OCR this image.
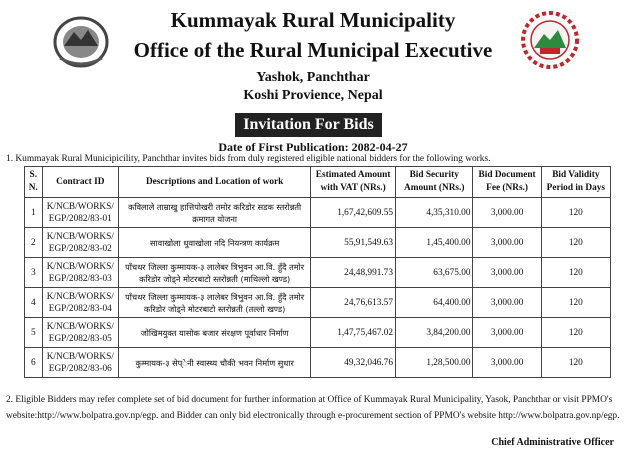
Kummayak Rural Municipality
Office of the Rural Municipal Executive
Yashok, Panchthar
Koshi Provience, Nepal
Invitation For Bids
Date of First Publication: 2082-04-27
1. Kummayak Rural Municipicility, Panchthar invites bids from duly registered eligible national bidders for the following works.
S. N.	Contract ID	Descriptions and Location of work	Estimated Amount with VAT (NRs.)	Bid Security Amount (NRs.)	Bid Document Fee (NRs.)	Bid Validity Period in Days
1	K/NCB/WORKS/ EGP/2082/83-01	कविलाले ताम्राखु हात्तिपोखरी तमोर करिडोर सडक स्तरोन्नती क्रमागत योजना	1,67,42,609.55	4,35,310.00	3,000.00	120
2	K/NCB/WORKS/ EGP/2082/83-02	सावाखोला धुवाखोला नदि नियन्त्रण कार्यक्रम	55,91,549.63	1,45,400.00	3,000.00	120
3	K/NCB/WORKS/ EGP/2082/83-03	पाँचथर जिल्ला कुम्मायक-३ लालेबर त्रिभुवन आ.वि. हुँदै तमोर करिडोर जोड्ने मोटरबाटो स्तरोन्नती (माथिल्लो खण्ड)	24,48,991.73	63,675.00	3,000.00	120
4	K/NCB/WORKS/ EGP/2082/83-04	पाँचथर जिल्ला कुम्मायक-३ लालेबर त्रिभुवन आ.वि. हुँदै तमोर करिडोर जोड्ने मोटरबाटो स्तरोन्नती (तल्लो खण्ड)	24,76,613.57	64,400.00	3,000.00	120
5	K/NCB/WORKS/ EGP/2082/83-05	जोखिमयुक्त यासोक बजार संरक्षण पूर्वाधार निर्माण	1,47,75,467.02	3,84,200.00	3,000.00	120
6	K/NCB/WORKS/ EGP/2082/83-06	कुम्मायक-३ सेप्ेनी स्वास्थ्य चौकी भवन निर्माण सुधार	49,32,046.76	1,28,500.00	3,000.00	120
2. Eligible Bidders may refer complete set of bid document for further information at Office of Kummayak Rural Municipality, Yasok, Panchthar or visit PPMO's website:http://www.bolpatra.gov.np/egp. and Bidder can only bid electronically through e-procurement section of PPMO's website http://www.bolpatra.gov.np/egp.
Chief Administrative Officer
